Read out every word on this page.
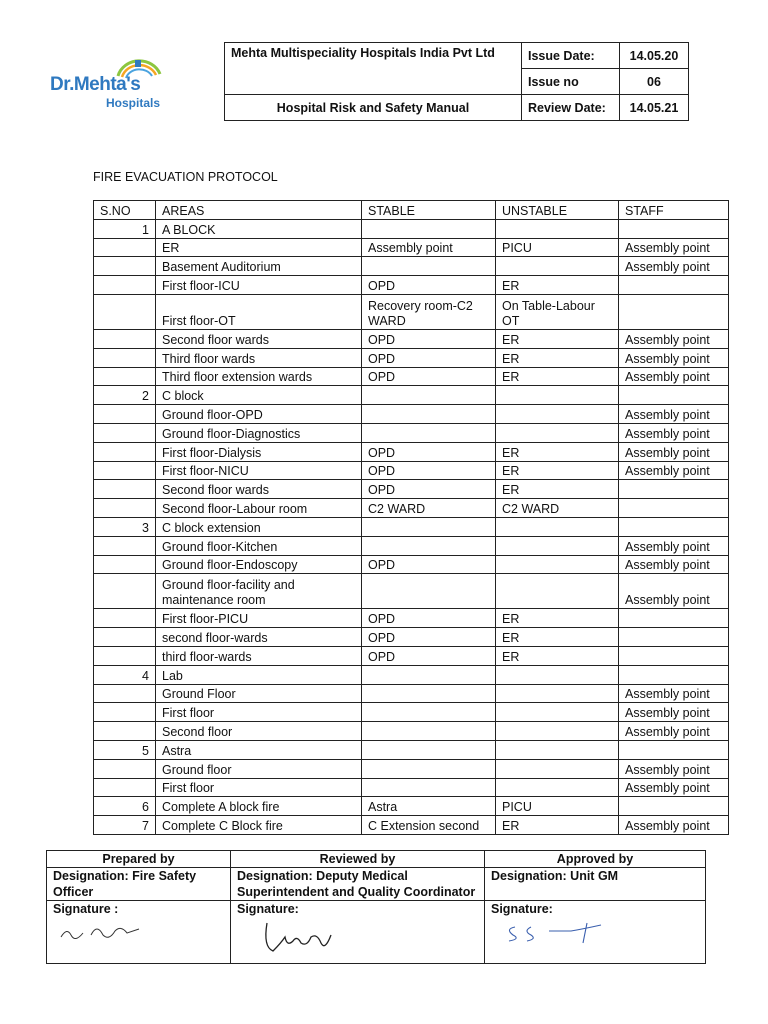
Dr.Mehta's
Hospitals
Mehta Multispeciality Hospitals India Pvt Ltd	Issue Date:	14.05.20
	Issue no	06
Hospital Risk and Safety Manual	Review Date:	14.05.21
FIRE EVACUATION PROTOCOL
S.NO	AREAS	STABLE	UNSTABLE	STAFF
1	A BLOCK			
	ER	Assembly point	PICU	Assembly point
	Basement Auditorium			Assembly point
	First floor-ICU	OPD	ER	
	First floor-OT	Recovery room-C2 WARD	On Table-Labour OT	
	Second floor wards	OPD	ER	Assembly point
	Third floor wards	OPD	ER	Assembly point
	Third floor extension wards	OPD	ER	Assembly point
2	C block			
	Ground floor-OPD			Assembly point
	Ground floor-Diagnostics			Assembly point
	First floor-Dialysis	OPD	ER	Assembly point
	First floor-NICU	OPD	ER	Assembly point
	Second floor wards	OPD	ER	
	Second floor-Labour room	C2 WARD	C2 WARD	
3	C block extension			
	Ground floor-Kitchen			Assembly point
	Ground floor-Endoscopy	OPD		Assembly point
	Ground floor-facility and maintenance room			Assembly point
	First floor-PICU	OPD	ER	
	second floor-wards	OPD	ER	
	third floor-wards	OPD	ER	
4	Lab			
	Ground Floor			Assembly point
	First floor			Assembly point
	Second floor			Assembly point
5	Astra			
	Ground floor			Assembly point
	First floor			Assembly point
6	Complete A block fire	Astra	PICU	
7	Complete C Block fire	C Extension second	ER	Assembly point
Prepared by	Reviewed by	Approved by
Designation: Fire Safety Officer	Designation: Deputy Medical Superintendent and Quality Coordinator	Designation: Unit GM

Signature :	Signature:	Signature:
